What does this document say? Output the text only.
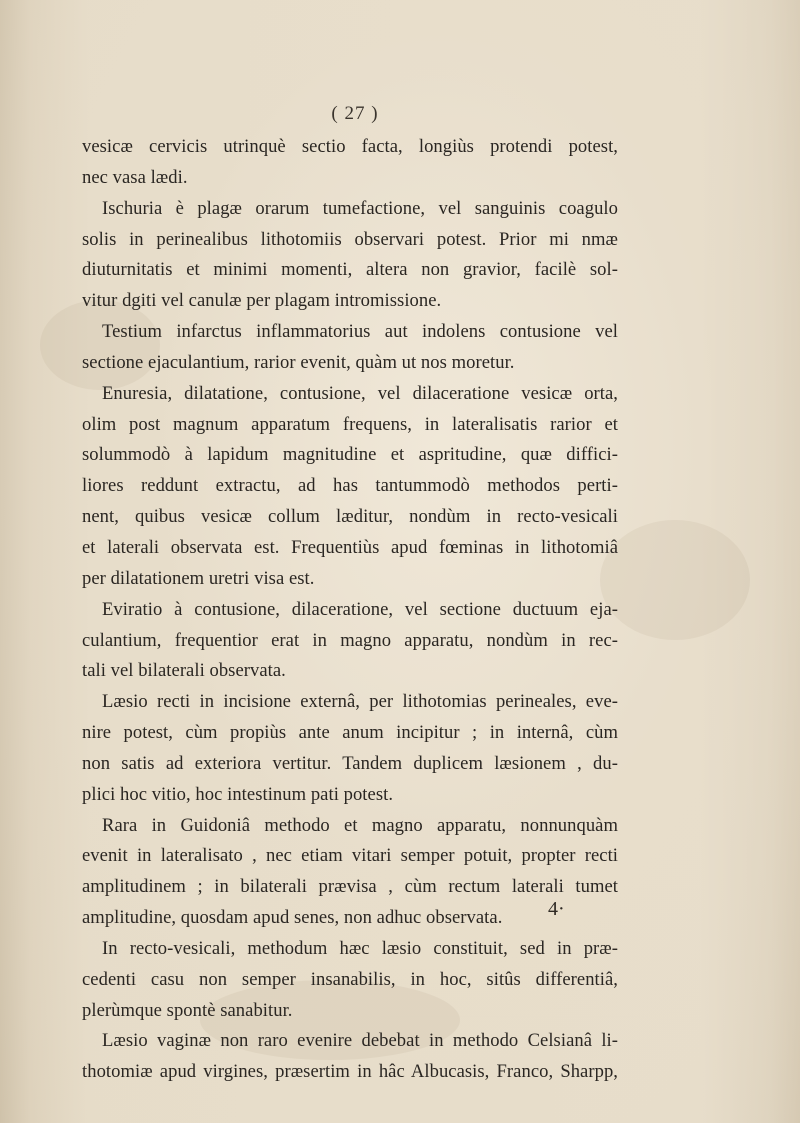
( 27 )
vesicæ cervicis utrinquè sectio facta, longiùs protendi potest,
nec vasa lædi.
Ischuria è plagæ orarum tumefactione, vel sanguinis coagulo
solis in perinealibus lithotomiis observari potest. Prior mi nmæ
diuturnitatis et minimi momenti, altera non gravior, facilè sol-
vitur dgiti vel canulæ per plagam intromissione.
Testium infarctus inflammatorius aut indolens contusione vel
sectione ejaculantium, rarior evenit, quàm ut nos moretur.
Enuresia, dilatatione, contusione, vel dilaceratione vesicæ orta,
olim post magnum apparatum frequens, in lateralisatis rarior et
solummodò à lapidum magnitudine et aspritudine, quæ diffici-
liores reddunt extractu, ad has tantummodò methodos perti-
nent, quibus vesicæ collum læditur, nondùm in recto-vesicali
et laterali observata est. Frequentiùs apud fœminas in lithotomiâ
per dilatationem uretri visa est.
Eviratio à contusione, dilaceratione, vel sectione ductuum eja-
culantium, frequentior erat in magno apparatu, nondùm in rec-
tali vel bilaterali observata.
Læsio recti in incisione externâ, per lithotomias perineales, eve-
nire potest, cùm propiùs ante anum incipitur ; in internâ, cùm
non satis ad exteriora vertitur. Tandem duplicem læsionem , du-
plici hoc vitio, hoc intestinum pati potest.
Rara in Guidoniâ methodo et magno apparatu, nonnunquàm
evenit in lateralisato , nec etiam vitari semper potuit, propter recti
amplitudinem ; in bilaterali prævisa , cùm rectum laterali tumet
amplitudine, quosdam apud senes, non adhuc observata.
In recto-vesicali, methodum hæc læsio constituit, sed in præ-
cedenti casu non semper insanabilis, in hoc, sitûs differentiâ,
plerùmque spontè sanabitur.
Læsio vaginæ non raro evenire debebat in methodo Celsianâ li-
thotomiæ apud virgines, præsertim in hâc Albucasis, Franco, Sharpp,
4·
